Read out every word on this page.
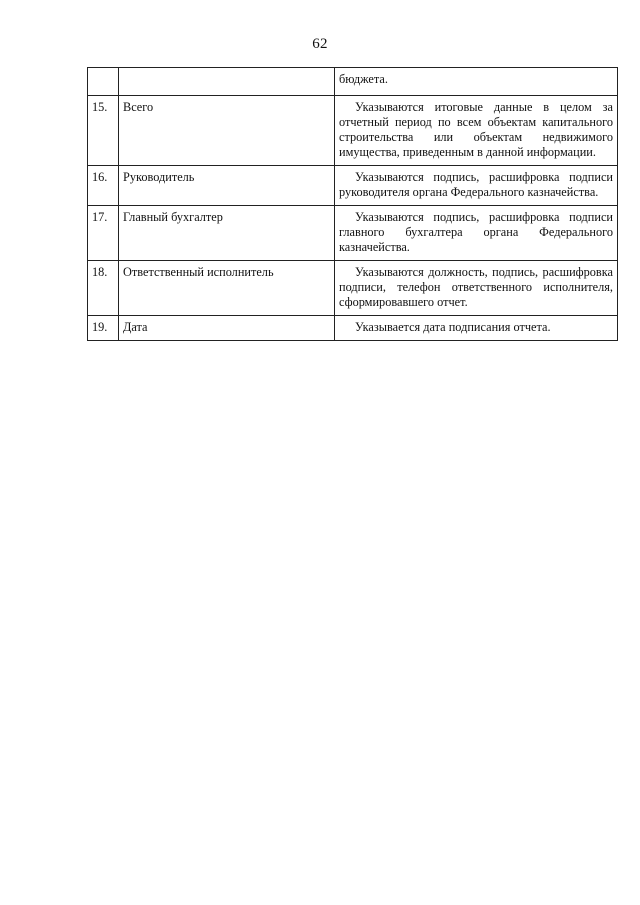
62
		бюджета.
15.	Всего	Указываются итоговые данные в целом за отчетный период по всем объектам капитального строительства или объектам недвижимого имущества, приведенным в данной информации.
16.	Руководитель	Указываются подпись, расшифровка подписи руководителя органа Федерального казначейства.
17.	Главный бухгалтер	Указываются подпись, расшифровка подписи главного бухгалтера органа Федерального казначейства.
18.	Ответственный исполнитель	Указываются должность, подпись, расшифровка подписи, телефон ответственного исполнителя, сформировавшего отчет.
19.	Дата	Указывается дата подписания отчета.
